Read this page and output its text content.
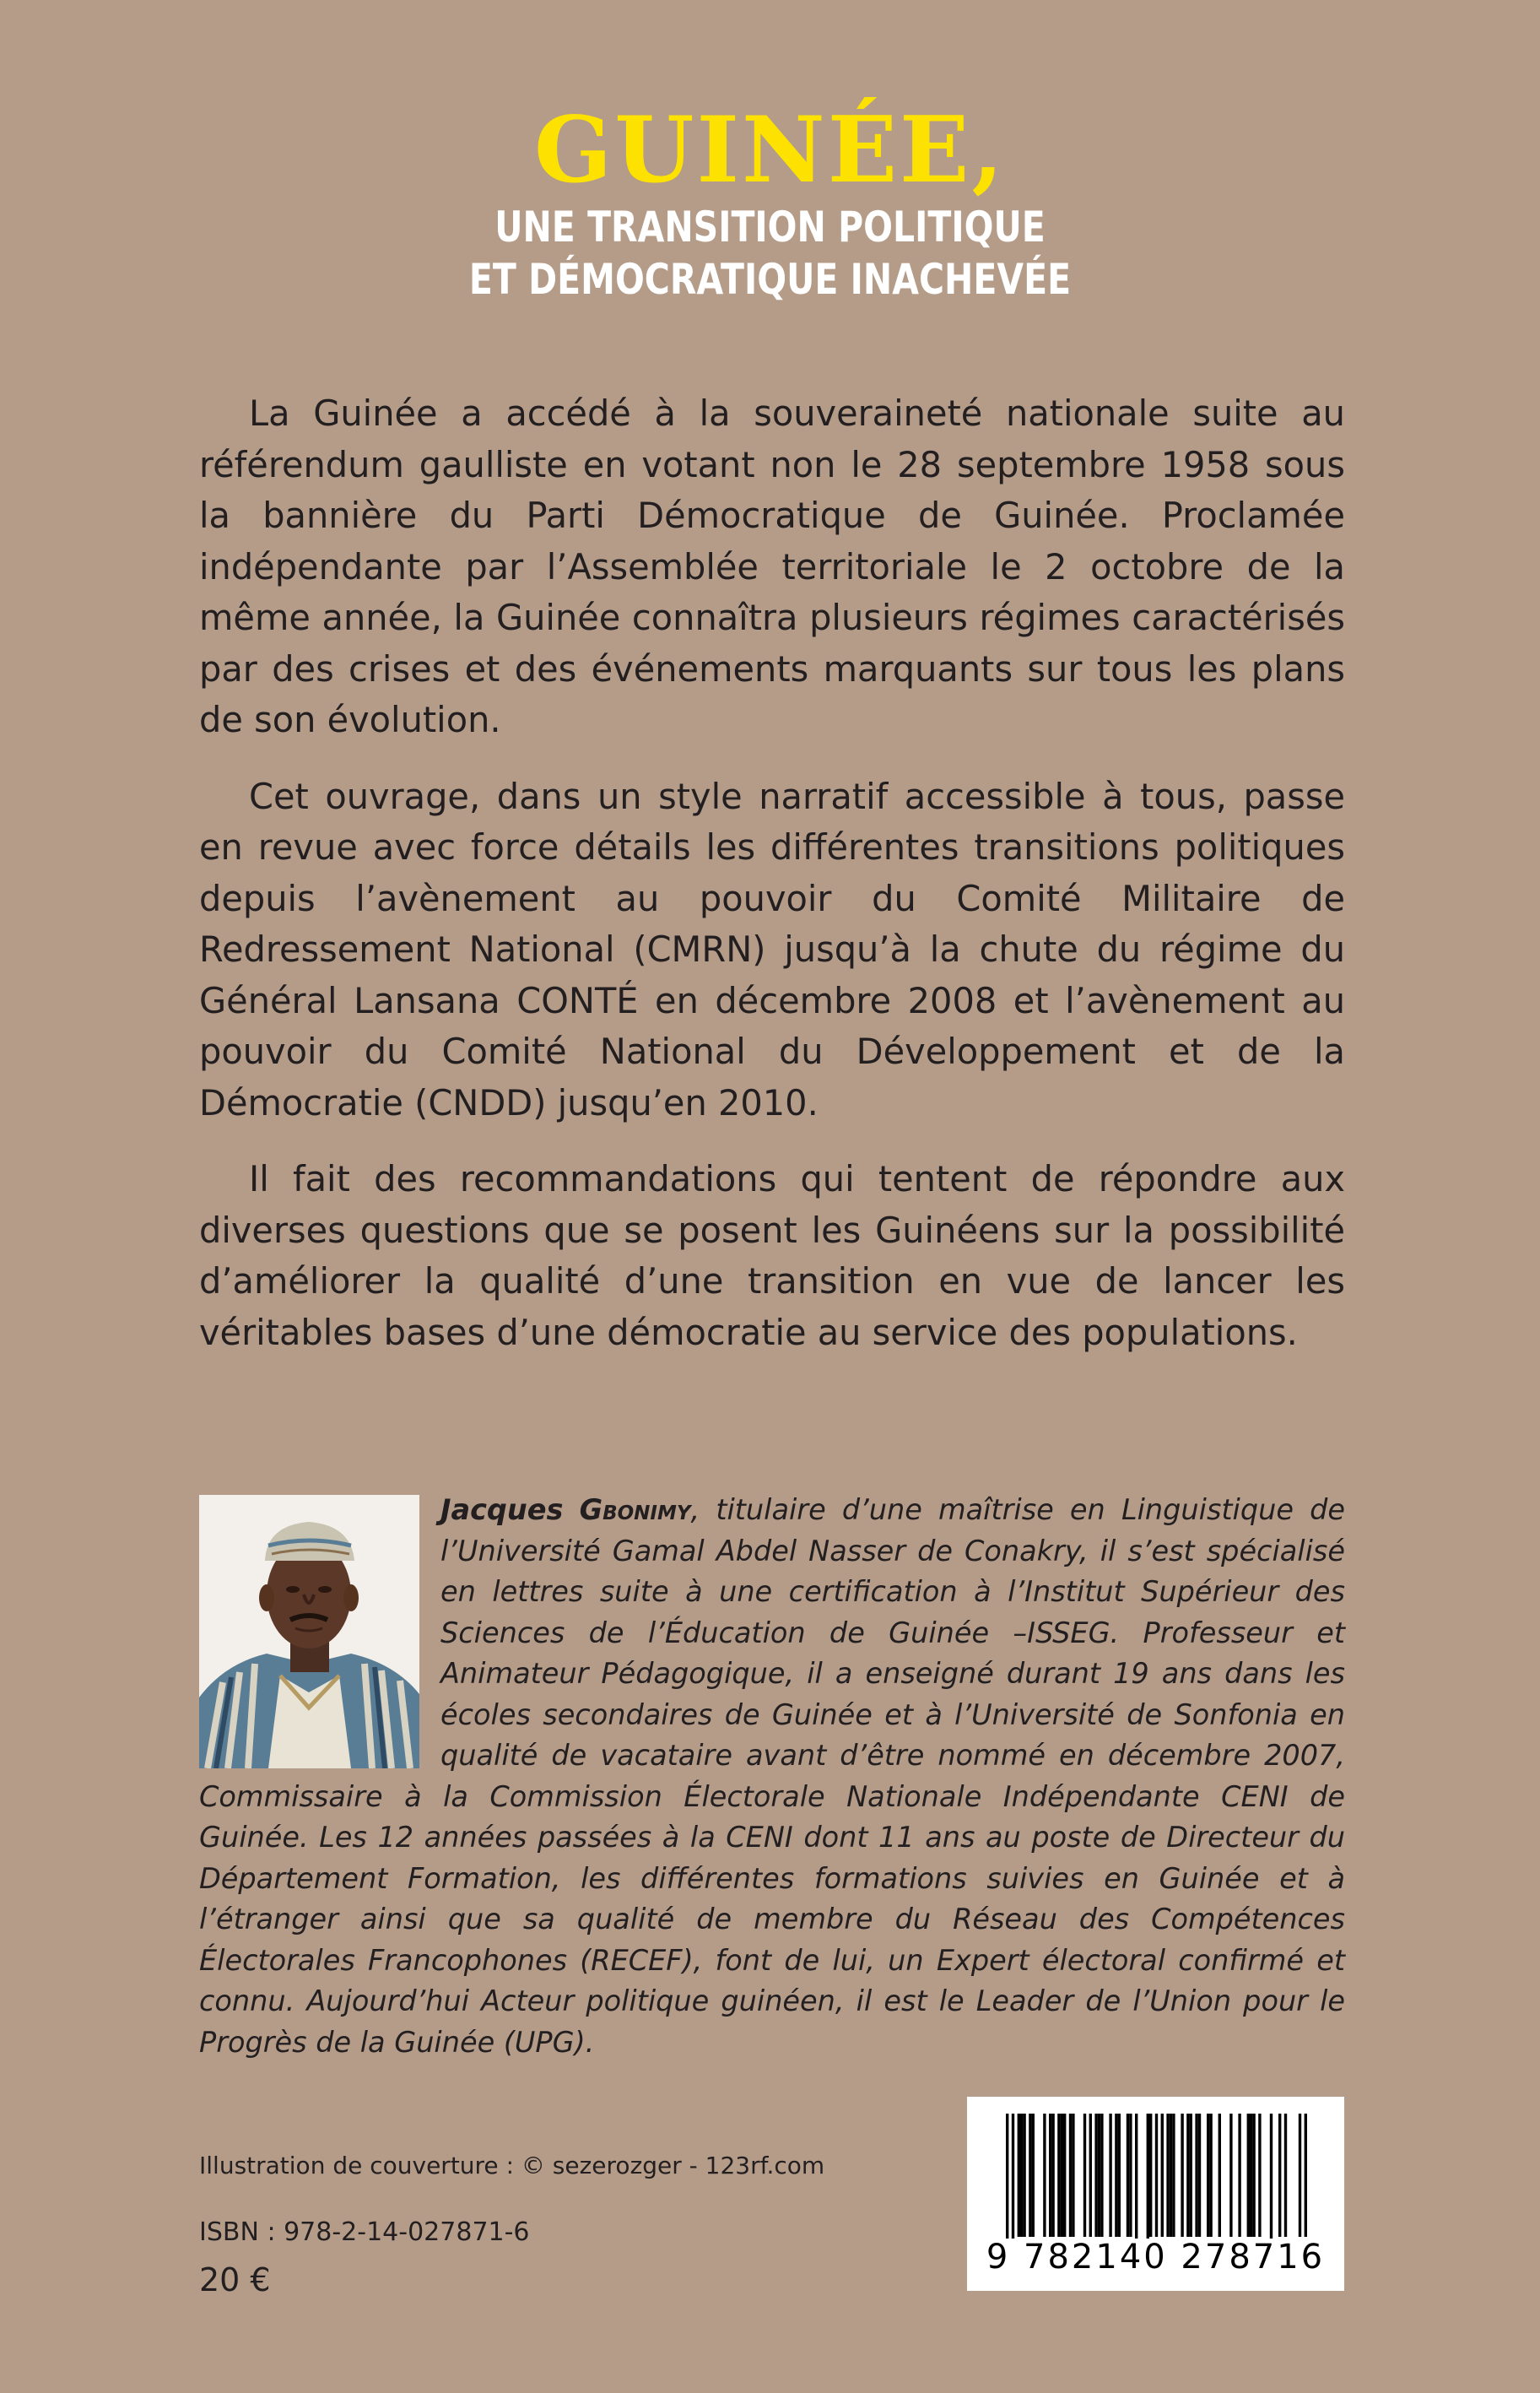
GUINÉE,
UNE TRANSITION POLITIQUE
ET DÉMOCRATIQUE INACHEVÉE

La Guinée a accédé à la souveraineté nationale suite au référendum gaulliste en votant non le 28 septembre 1958 sous la bannière du Parti Démocratique de Guinée. Proclamée indépendante par l’Assemblée territoriale le 2 octobre de la même année, la Guinée connaîtra plusieurs régimes caractérisés par des crises et des événements marquants sur tous les plans de son évolution.

Cet ouvrage, dans un style narratif accessible à tous, passe en revue avec force détails les différentes transitions politiques depuis l’avènement au pouvoir du Comité Militaire de Redressement National (CMRN) jusqu’à la chute du régime du Général Lansana CONTÉ en décembre 2008 et l’avènement au pouvoir du Comité National du Développement et de la Démocratie (CNDD) jusqu’en 2010.

Il fait des recommandations qui tentent de répondre aux diverses questions que se posent les Guinéens sur la possibilité d’améliorer la qualité d’une transition en vue de lancer les véritables bases d’une démocratie au service des populations.

Jacques Gbonimy, titulaire d’une maîtrise en Linguistique de l’Université Gamal Abdel Nasser de Conakry, il s’est spécialisé en lettres suite à une certification à l’Institut Supérieur des Sciences de l’Éducation de Guinée –ISSEG. Professeur et Animateur Pédagogique, il a enseigné durant 19 ans dans les écoles secondaires de Guinée et à l’Université de Sonfonia en qualité de vacataire avant d’être nommé en décembre 2007, Commissaire à la Commission Électorale Nationale Indépendante CENI de Guinée. Les 12 années passées à la CENI dont 11 ans au poste de Directeur du Département Formation, les différentes formations suivies en Guinée et à l’étranger ainsi que sa qualité de membre du Réseau des Compétences Électorales Francophones (RECEF), font de lui, un Expert électoral confirmé et connu. Aujourd’hui Acteur politique guinéen, il est le Leader de l’Union pour le Progrès de la Guinée (UPG).
Illustration de couverture : © sezerozger - 123rf.com
ISBN : 978-2-14-027871-6
20 €
9 782140 278716
